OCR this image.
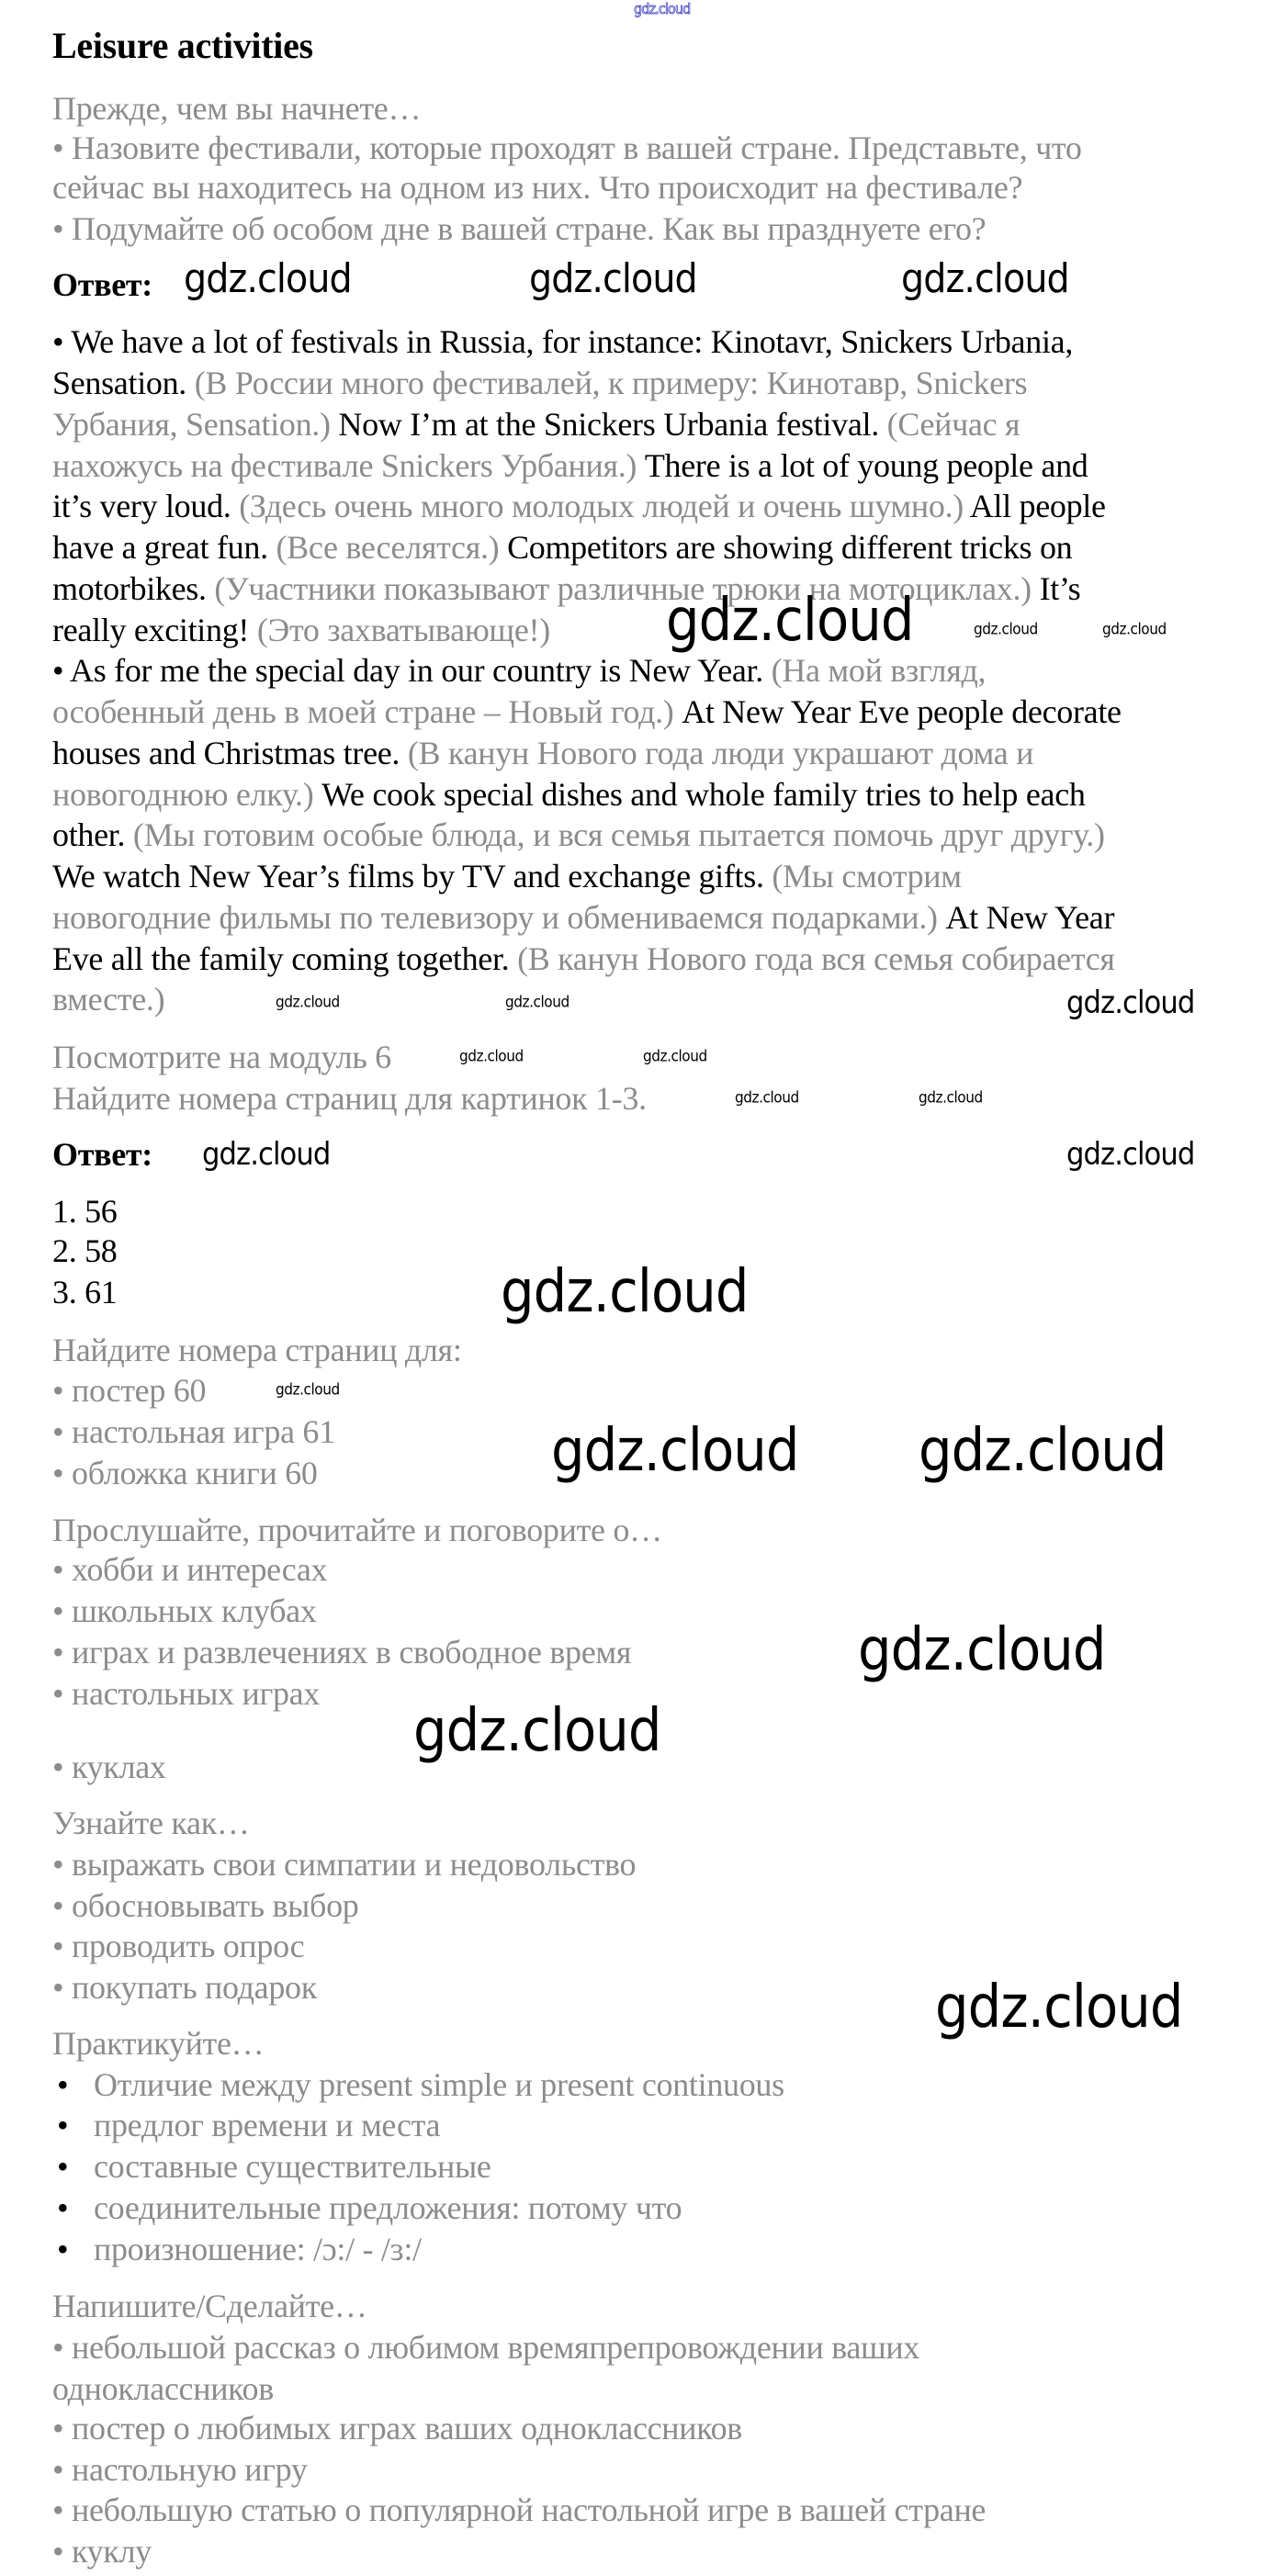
Leisure activities
Прежде, чем вы начнете…
• Назовите фестивали, которые проходят в вашей стране. Представьте, что
сейчас вы находитесь на одном из них. Что происходит на фестивале?
• Подумайте об особом дне в вашей стране. Как вы празднуете его?
Ответ:
• We have a lot of festivals in Russia, for instance: Kinotavr, Snickers Urbania,
Sensation. (В России много фестивалей, к примеру: Кинотавр, Snickers
Урбания, Sensation.) Now I’m at the Snickers Urbania festival. (Сейчас я
нахожусь на фестивале Snickers Урбания.) There is a lot of young people and
it’s very loud. (Здесь очень много молодых людей и очень шумно.) All people
have a great fun. (Все веселятся.) Competitors are showing different tricks on
motorbikes. (Участники показывают различные трюки на мотоциклах.) It’s
really exciting! (Это захватывающе!)
• As for me the special day in our country is New Year. (На мой взгляд,
особенный день в моей стране – Новый год.) At New Year Eve people decorate
houses and Christmas tree. (В канун Нового года люди украшают дома и
новогоднюю елку.) We cook special dishes and whole family tries to help each
other. (Мы готовим особые блюда, и вся семья пытается помочь друг другу.)
We watch New Year’s films by TV and exchange gifts. (Мы смотрим
новогодние фильмы по телевизору и обмениваемся подарками.) At New Year
Eve all the family coming together. (В канун Нового года вся семья собирается
вместе.)
Посмотрите на модуль 6
Найдите номера страниц для картинок 1-3.
Ответ:
1. 56
2. 58
3. 61
Найдите номера страниц для:
• постер 60
• настольная игра 61
• обложка книги 60
Прослушайте, прочитайте и поговорите о…
• хобби и интересах
• школьных клубах
• играх и развлечениях в свободное время
• настольных играх
• куклах
Узнайте как…
• выражать свои симпатии и недовольство
• обосновывать выбор
• проводить опрос
• покупать подарок
Практикуйте…
• Отличие между present simple и present continuous
• предлог времени и места
• составные существительные
• соединительные предложения: потому что
• произношение: /ɔ:/ - /ɜ:/
Напишите/Сделайте…
• небольшой рассказ о любимом времяпрепровождении ваших
одноклассников
• постер о любимых играх ваших одноклассников
• настольную игру
• небольшую статью о популярной настольной игре в вашей стране
• куклу
gdz.cloud
gdz.cloud	gdz.cloud	gdz.cloud
gdz.cloud	gdz.cloud	gdz.cloud
gdz.cloud	gdz.cloud	gdz.cloud
gdz.cloud	gdz.cloud
gdz.cloud	gdz.cloud
gdz.cloud	gdz.cloud
gdz.cloud
gdz.cloud
gdz.cloud gdz.cloud
gdz.cloud
gdz.cloud
gdz.cloud
